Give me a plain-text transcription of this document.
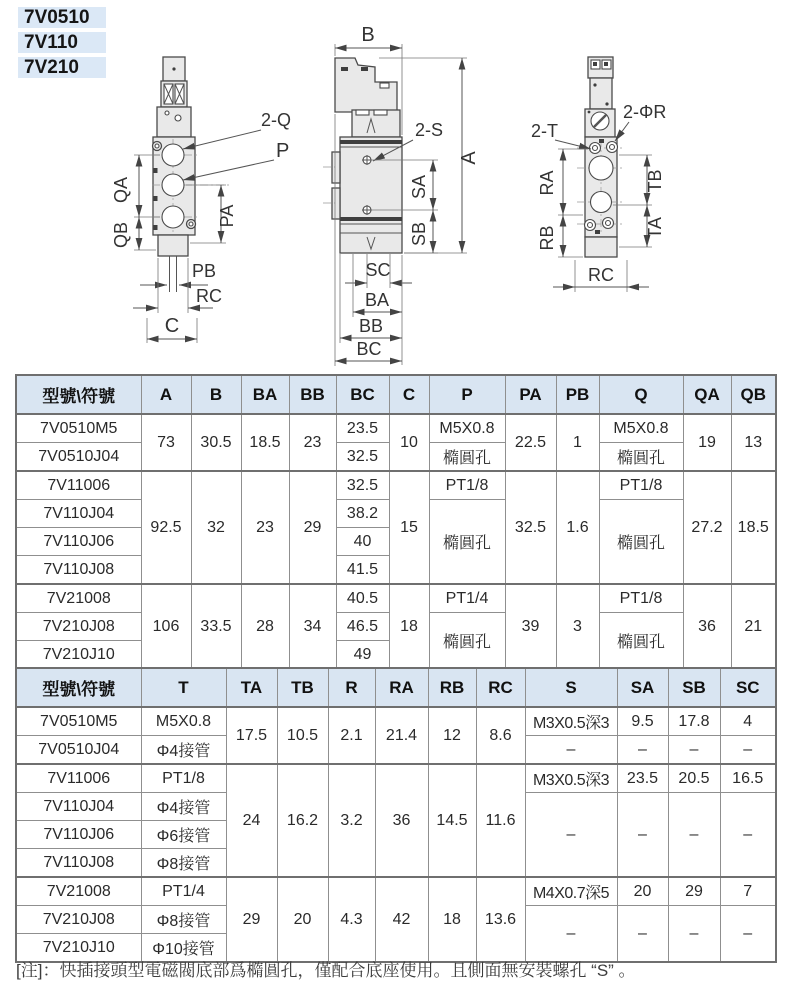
7V0510
7V110
7V210
QA
QB
PA
2-Q
P
PB
RC
C
B
A
2-S
SA
SB
SC
BA
BB
BC
2-T
2-ΦR
RA
RB
TB
TA
RC
型號\符號	A	B	BA	BB	BC	C	P	PA	PB	Q	QA	QB
7V0510M5	73	30.5	18.5	23	23.5	10	M5X0.8	22.5	1	M5X0.8	19	13
7V0510J04					32.5		橢圓孔			橢圓孔		
7V11006	92.5	32	23	29	32.5	15	PT1/8	32.5	1.6	PT1/8	27.2	18.5
7V110J04					38.2		橢圓孔			橢圓孔		
7V110J06					40							
7V110J08					41.5							
7V21008	106	33.5	28	34	40.5	18	PT1/4	39	3	PT1/8	36	21
7V210J08					46.5		橢圓孔			橢圓孔		
7V210J10					49							
型號\符號	T	TA	TB	R	RA	RB	RC	S	SA	SB	SC
7V0510M5	M5X0.8	17.5	10.5	2.1	21.4	12	8.6	M3X0.5深3	9.5	17.8	4
7V0510J04	Φ4接管							–	–	–	–
7V11006	PT1/8	24	16.2	3.2	36	14.5	11.6	M3X0.5深3	23.5	20.5	16.5
7V110J04	Φ4接管							–	–	–	–
7V110J06	Φ6接管										
7V110J08	Φ8接管										
7V21008	PT1/4	29	20	4.3	42	18	13.6	M4X0.7深5	20	29	7
7V210J08	Φ8接管							–	–	–	–
7V210J10	Φ10接管										
[注]：快插接頭型電磁閥底部爲橢圓孔，僅配合底座使用。且側面無安裝螺孔 “S” 。
